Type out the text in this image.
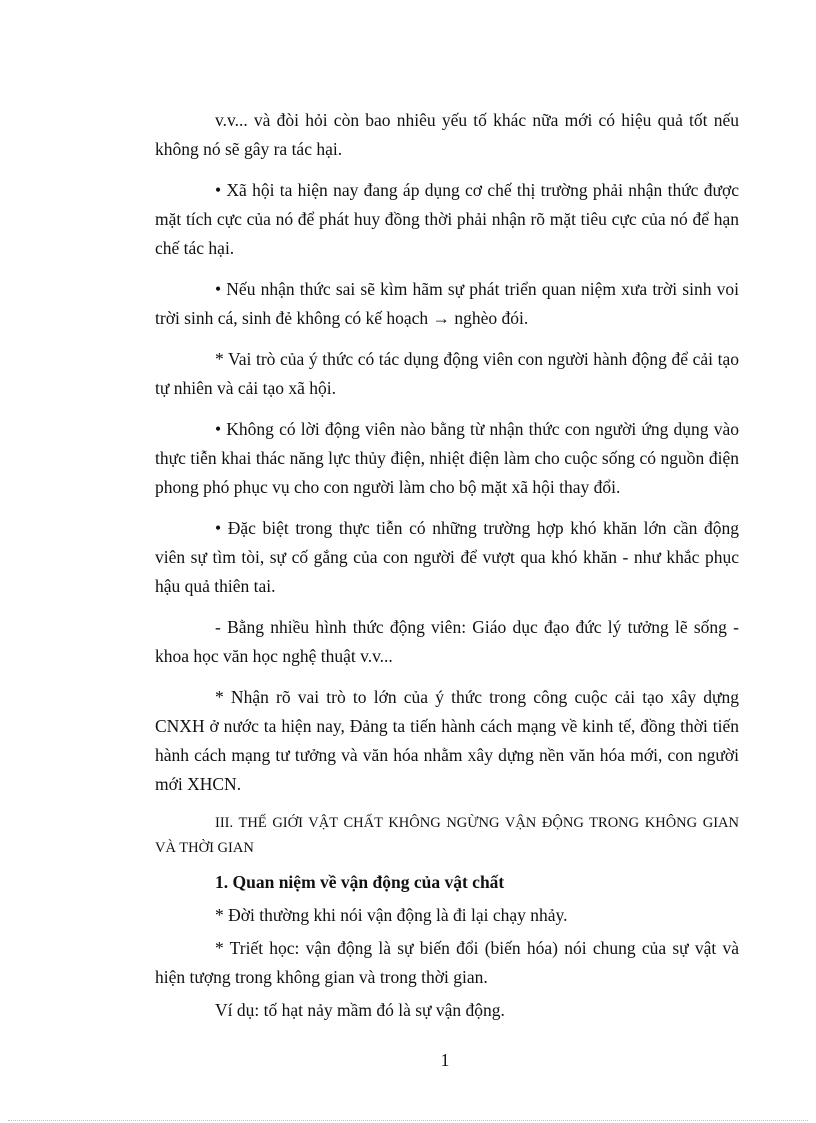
v.v... và đòi hỏi còn bao nhiêu yếu tố khác nữa mới có hiệu quả tốt nếu không nó sẽ gây ra tác hại.

• Xã hội ta hiện nay đang áp dụng cơ chế thị trường phải nhận thức được mặt tích cực của nó để phát huy đồng thời phải nhận rõ mặt tiêu cực của nó để hạn chế tác hại.

• Nếu nhận thức sai sẽ kìm hãm sự phát triển quan niệm xưa trời sinh voi trời sinh cá, sinh đẻ không có kế hoạch → nghèo đói.

* Vai trò của ý thức có tác dụng động viên con người hành động để cải tạo tự nhiên và cải tạo xã hội.

• Không có lời động viên nào bằng từ nhận thức con người ứng dụng vào thực tiễn khai thác năng lực thủy điện, nhiệt điện làm cho cuộc sống có nguồn điện phong phó phục vụ cho con người làm cho bộ mặt xã hội thay đổi.

• Đặc biệt trong thực tiễn có những trường hợp khó khăn lớn cần động viên sự tìm tòi, sự cố gắng của con người để vượt qua khó khăn - như khắc phục hậu quả thiên tai.

- Bằng nhiều hình thức động viên: Giáo dục đạo đức lý tưởng lẽ sống - khoa học văn học nghệ thuật v.v...

* Nhận rõ vai trò to lớn của ý thức trong công cuộc cải tạo xây dựng CNXH ở nước ta hiện nay, Đảng ta tiến hành cách mạng về kinh tế, đồng thời tiến hành cách mạng tư tưởng và văn hóa nhằm xây dựng nền văn hóa mới, con người mới XHCN.

III. THẾ GIỚI VẬT CHẤT KHÔNG NGỪNG VẬN ĐỘNG TRONG KHÔNG GIAN VÀ THỜI GIAN

1. Quan niệm về vận động của vật chất

* Đời thường khi nói vận động là đi lại chạy nhảy.

* Triết học: vận động là sự biến đổi (biến hóa) nói chung của sự vật và hiện tượng trong không gian và trong thời gian.

Ví dụ: tố hạt nảy mầm đó là sự vận động.

1
